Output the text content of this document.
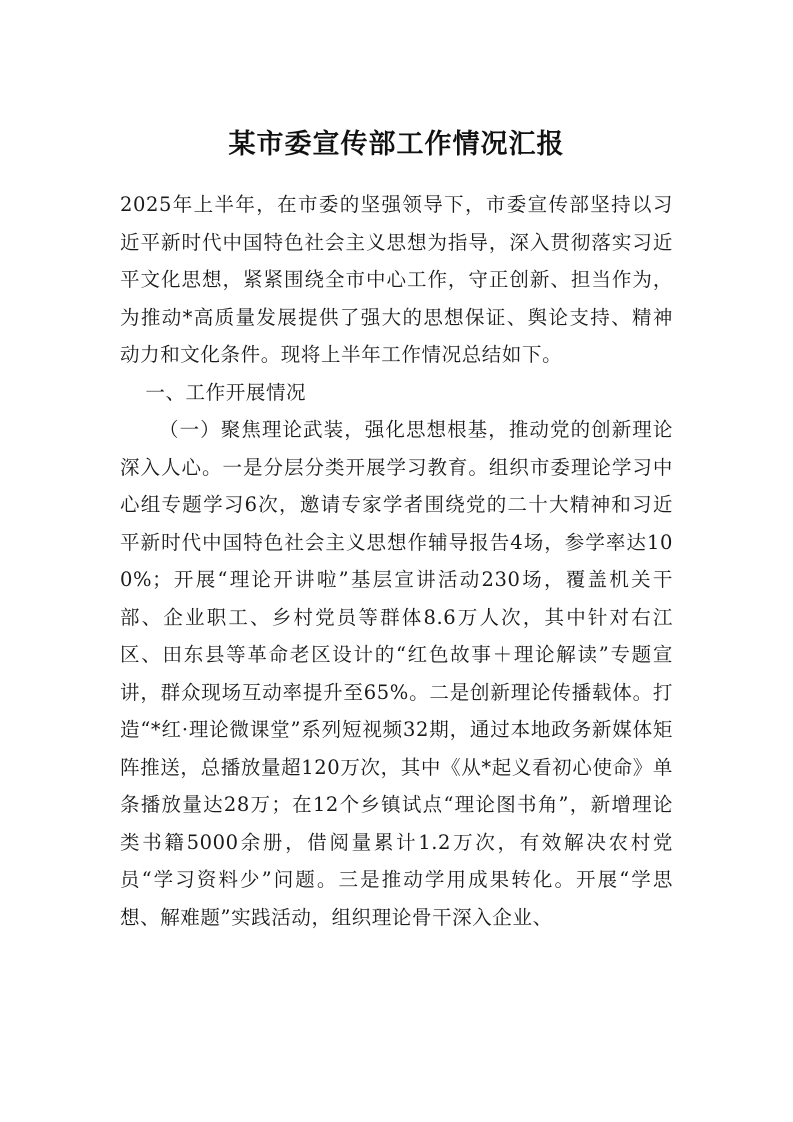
某市委宣传部工作情况汇报

2025年上半年，在市委的坚强领导下，市委宣传部坚持以习近平新时代中国特色社会主义思想为指导，深入贯彻落实习近平文化思想，紧紧围绕全市中心工作，守正创新、担当作为，为推动*高质量发展提供了强大的思想保证、舆论支持、精神动力和文化条件。现将上半年工作情况总结如下。

一、工作开展情况

（一）聚焦理论武装，强化思想根基，推动党的创新理论深入人心。一是分层分类开展学习教育。组织市委理论学习中心组专题学习6次，邀请专家学者围绕党的二十大精神和习近平新时代中国特色社会主义思想作辅导报告4场，参学率达100%；开展“理论开讲啦”基层宣讲活动230场，覆盖机关干部、企业职工、乡村党员等群体8.6万人次，其中针对右江区、田东县等革命老区设计的“红色故事＋理论解读”专题宣讲，群众现场互动率提升至65%。二是创新理论传播载体。打造“*红·理论微课堂”系列短视频32期，通过本地政务新媒体矩阵推送，总播放量超120万次，其中《从*起义看初心使命》单条播放量达28万；在12个乡镇试点“理论图书角”，新增理论类书籍5000余册，借阅量累计1.2万次，有效解决农村党员“学习资料少”问题。三是推动学用成果转化。开展“学思想、解难题”实践活动，组织理论骨干深入企业、
